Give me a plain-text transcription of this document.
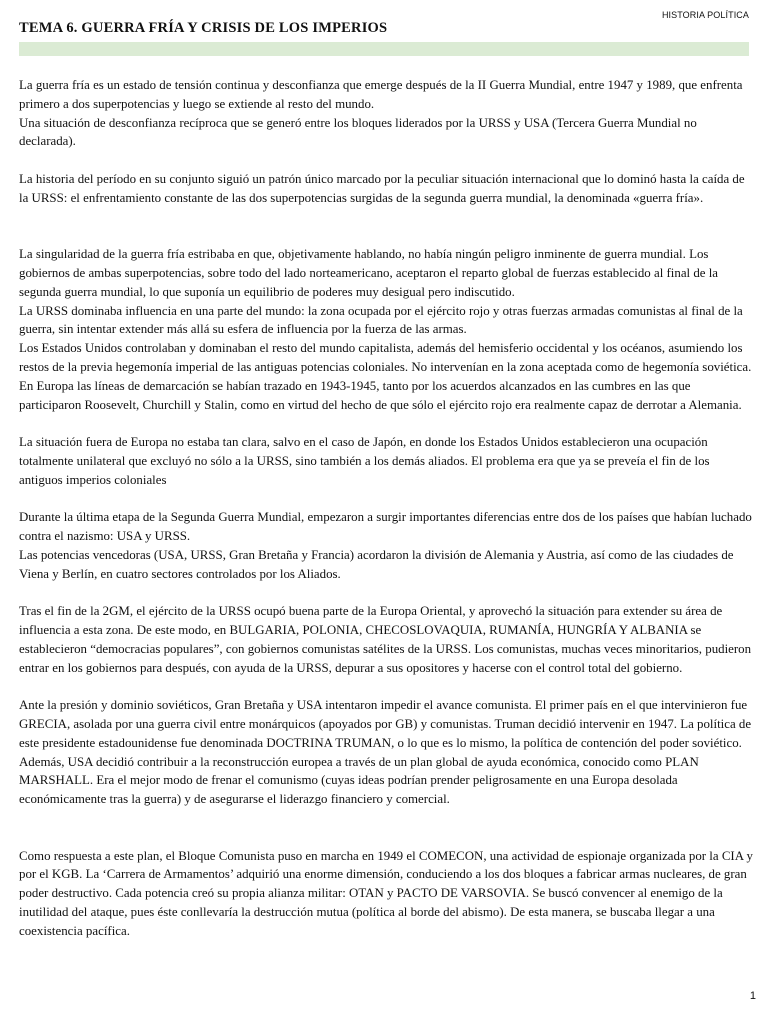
HISTORIA POLÍTICA
TEMA 6. GUERRA FRÍA Y CRISIS DE LOS IMPERIOS

La guerra fría es un estado de tensión continua y desconfianza que emerge después de la II Guerra Mundial, entre 1947 y 1989, que enfrenta primero a dos superpotencias y luego se extiende al resto del mundo.

Una situación de desconfianza recíproca que se generó entre los bloques liderados por la URSS y USA (Tercera Guerra Mundial no declarada).

La historia del período en su conjunto siguió un patrón único marcado por la peculiar situación internacional que lo dominó hasta la caída de la URSS: el enfrentamiento constante de las dos superpotencias surgidas de la segunda guerra mundial, la denominada «guerra fría».

La singularidad de la guerra fría estribaba en que, objetivamente hablando, no había ningún peligro inminente de guerra mundial. Los gobiernos de ambas superpotencias, sobre todo del lado norteamericano, aceptaron el reparto global de fuerzas establecido al final de la segunda guerra mundial, lo que suponía un equilibrio de poderes muy desigual pero indiscutido.

La URSS dominaba influencia en una parte del mundo: la zona ocupada por el ejército rojo y otras fuerzas armadas comunistas al final de la guerra, sin intentar extender más allá su esfera de influencia por la fuerza de las armas.

Los Estados Unidos controlaban y dominaban el resto del mundo capitalista, además del hemisferio occidental y los océanos, asumiendo los restos de la previa hegemonía imperial de las antiguas potencias coloniales. No intervenían en la zona aceptada como de hegemonía soviética. En Europa las líneas de demarcación se habían trazado en 1943-1945, tanto por los acuerdos alcanzados en las cumbres en las que participaron Roosevelt, Churchill y Stalin, como en virtud del hecho de que sólo el ejército rojo era realmente capaz de derrotar a Alemania.

La situación fuera de Europa no estaba tan clara, salvo en el caso de Japón, en donde los Estados Unidos establecieron una ocupación totalmente unilateral que excluyó no sólo a la URSS, sino también a los demás aliados. El problema era que ya se preveía el fin de los antiguos imperios coloniales

Durante la última etapa de la Segunda Guerra Mundial, empezaron a surgir importantes diferencias entre dos de los países que habían luchado contra el nazismo: USA y URSS.

Las potencias vencedoras (USA, URSS, Gran Bretaña y Francia) acordaron la división de Alemania y Austria, así como de las ciudades de Viena y Berlín, en cuatro sectores controlados por los Aliados.

Tras el fin de la 2GM, el ejército de la URSS ocupó buena parte de la Europa Oriental, y aprovechó la situación para extender su área de influencia a esta zona. De este modo, en BULGARIA, POLONIA, CHECOSLOVAQUIA, RUMANÍA, HUNGRÍA Y ALBANIA se establecieron “democracias populares”, con gobiernos comunistas satélites de la URSS. Los comunistas, muchas veces minoritarios, pudieron entrar en los gobiernos para después, con ayuda de la URSS, depurar a sus opositores y hacerse con el control total del gobierno.

Ante la presión y dominio soviéticos, Gran Bretaña y USA intentaron impedir el avance comunista. El primer país en el que intervinieron fue GRECIA, asolada por una guerra civil entre monárquicos (apoyados por GB) y comunistas. Truman decidió intervenir en 1947. La política de este presidente estadounidense fue denominada DOCTRINA TRUMAN, o lo que es lo mismo, la política de contención del poder soviético. Además, USA decidió contribuir a la reconstrucción europea a través de un plan global de ayuda económica, conocido como PLAN MARSHALL. Era el mejor modo de frenar el comunismo (cuyas ideas podrían prender peligrosamente en una Europa desolada económicamente tras la guerra) y de asegurarse el liderazgo financiero y comercial.

Como respuesta a este plan, el Bloque Comunista puso en marcha en 1949 el COMECON, una actividad de espionaje organizada por la CIA y por el KGB. La ‘Carrera de Armamentos’ adquirió una enorme dimensión, conduciendo a los dos bloques a fabricar armas nucleares, de gran poder destructivo. Cada potencia creó su propia alianza militar: OTAN y PACTO DE VARSOVIA. Se buscó convencer al enemigo de la inutilidad del ataque, pues éste conllevaría la destrucción mutua (política al borde del abismo). De esta manera, se buscaba llegar a una coexistencia pacífica.

1
